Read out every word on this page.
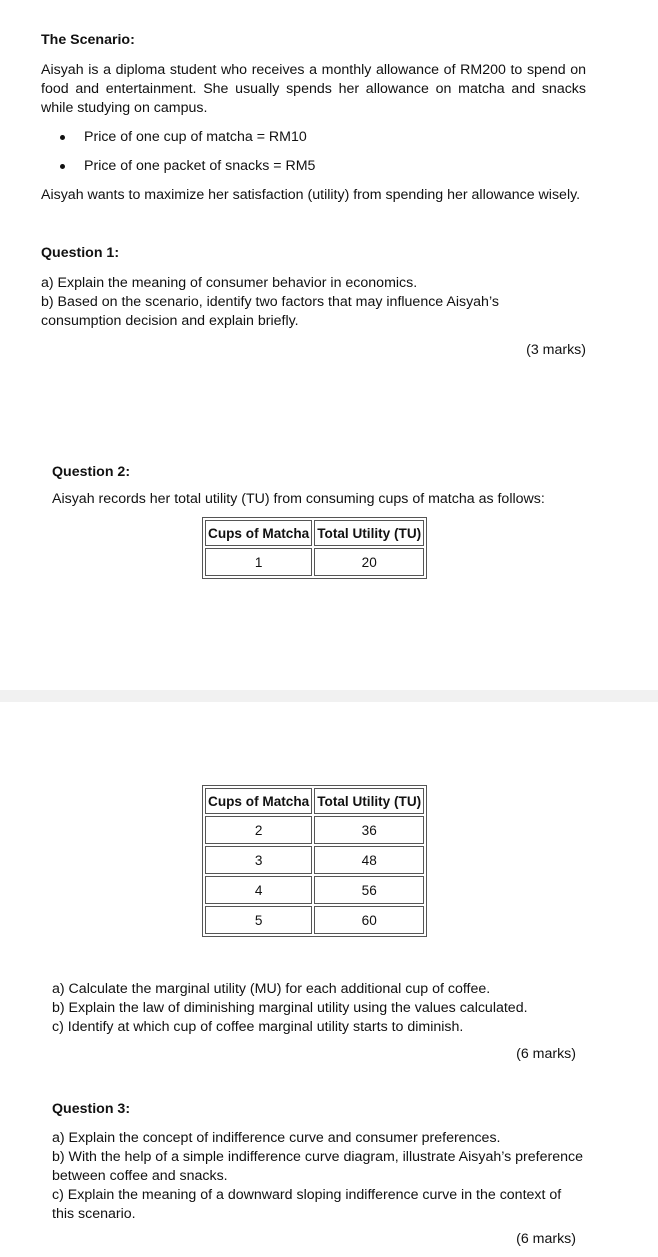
The Scenario:
Aisyah is a diploma student who receives a monthly allowance of RM200 to spend on
food and entertainment. She usually spends her allowance on matcha and snacks
while studying on campus.
Price of one cup of matcha = RM10
Price of one packet of snacks = RM5
Aisyah wants to maximize her satisfaction (utility) from spending her allowance wisely.
Question 1:
a) Explain the meaning of consumer behavior in economics.
b) Based on the scenario, identify two factors that may influence Aisyah’s
consumption decision and explain briefly.
(3 marks)
Question 2:
Aisyah records her total utility (TU) from consuming cups of matcha as follows:
Cups of Matcha	Total Utility (TU)
1	20
Cups of Matcha	Total Utility (TU)
2	36
3	48
4	56
5	60
a) Calculate the marginal utility (MU) for each additional cup of coffee.
b) Explain the law of diminishing marginal utility using the values calculated.
c) Identify at which cup of coffee marginal utility starts to diminish.
(6 marks)
Question 3:
a) Explain the concept of indifference curve and consumer preferences.
b) With the help of a simple indifference curve diagram, illustrate Aisyah’s preference
between coffee and snacks.
c) Explain the meaning of a downward sloping indifference curve in the context of
this scenario.
(6 marks)
